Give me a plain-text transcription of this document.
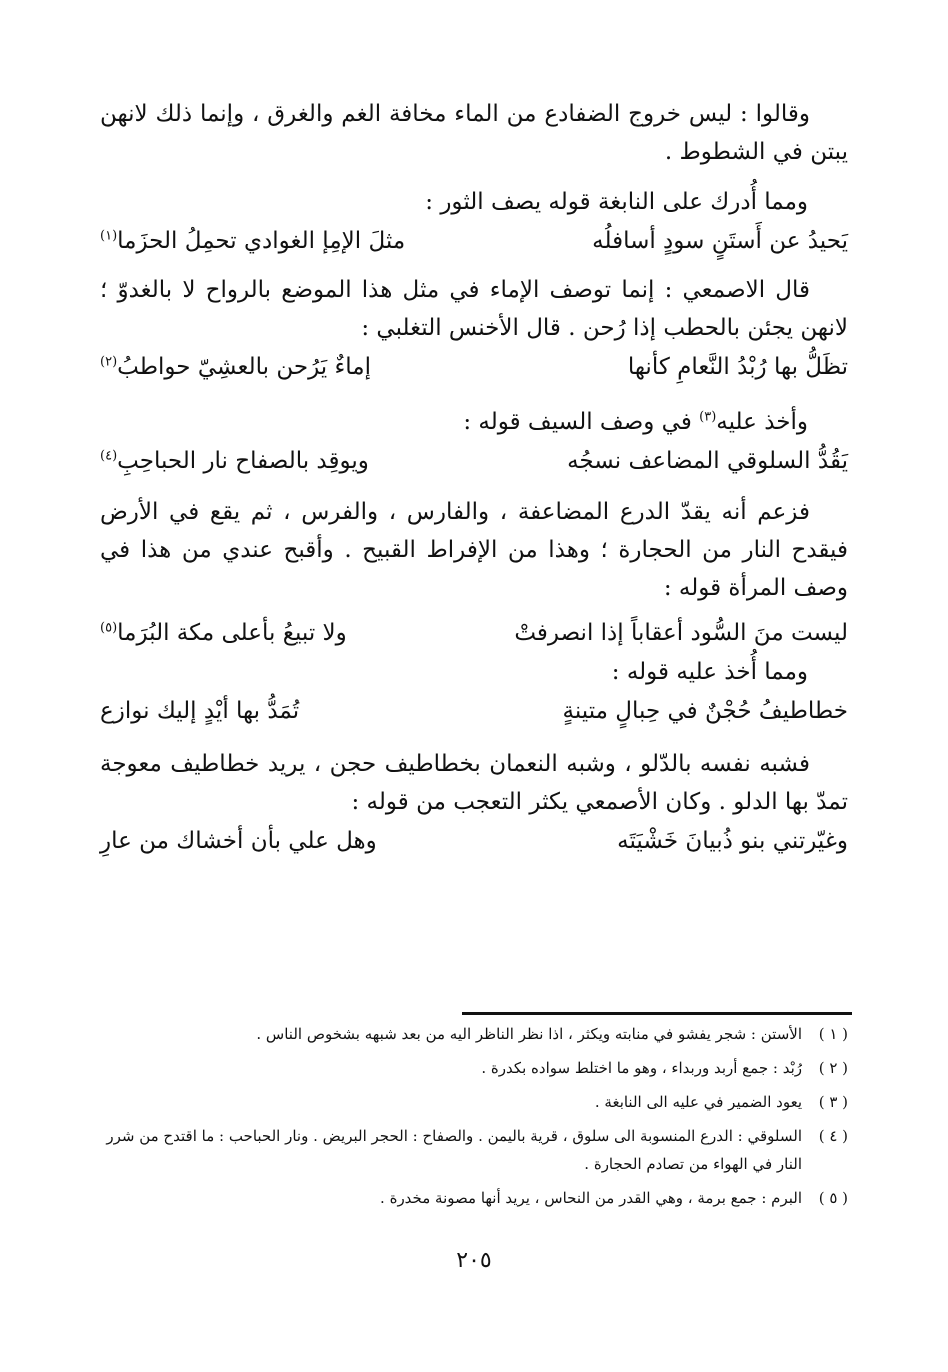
وقالوا : ليس خروج الضفادع من الماء مخافة الغم والغرق ، وإنما ذلك لانهن يبتن في الشطوط .

ومما أُدرك على النابغة قوله يصف الثور :

يَحيدُ عن أَستَنٍ سودٍ أسافلُه
مثلَ الإمِإ الغوادي تحمِلُ الحزَما$^{(١)}$

قال الاصمعي : إنما توصف الإماء في مثل هذا الموضع بالرواح لا بالغدوّ ؛ لانهن يجئن بالحطب إذا رُحن . قال الأخنس التغلبي :

تظَلُّ بها رُبْدُ النَّعامِ كأنها
إماءٌ يَرُحن بالعشِيّ حواطبُ$^{(٢)}$

وأخذ عليه$^{(٣)}$ في وصف السيف قوله :

يَقُدُّ السلوقي المضاعف نسجُه
ويوقِد بالصفاح نار الحباحِبِ$^{(٤)}$

فزعم أنه يقدّ الدرع المضاعفة ، والفارس ، والفرس ، ثم يقع في الأرض فيقدح النار من الحجارة ؛ وهذا من الإفراط القبيح . وأقبح عندي من هذا في وصف المرأة قوله :

ليست منَ السُّود أعقاباً إذا انصرفتْ
ولا تبيعُ بأعلى مكة البُرَما$^{(٥)}$

ومما أُخذ عليه قوله :

خطاطيفُ حُجْنٌ في حِبالٍ متينةٍ
تُمَدُّ بها أيْدٍ إليك نوازع

فشبه نفسه بالدّلو ، وشبه النعمان بخطاطيف حجن ، يريد خطاطيف معوجة تمدّ بها الدلو . وكان الأصمعي يكثر التعجب من قوله :

وغيّرتني بنو ذُبيانَ خَشْيَتَه
وهل علي بأن أخشاك من عارِ
( ١ )
الأستن : شجر يفشو في منابته ويكثر ، اذا نظر الناظر اليه من بعد شبهه بشخوص الناس .
( ٢ )
رُبْد : جمع أربد وربداء ، وهو ما اختلط سواده بكدرة .
( ٣ )
يعود الضمير في عليه الى النابغة .
( ٤ )
السلوقي : الدرع المنسوبة الى سلوق ، قرية باليمن . والصفاح : الحجر البريض . ونار الحباحب : ما اقتدح من شرر النار في الهواء من تصادم الحجارة .
( ٥ )
البرم : جمع برمة ، وهي القدر من النحاس ، يريد أنها مصونة مخدرة .
٢٠٥
